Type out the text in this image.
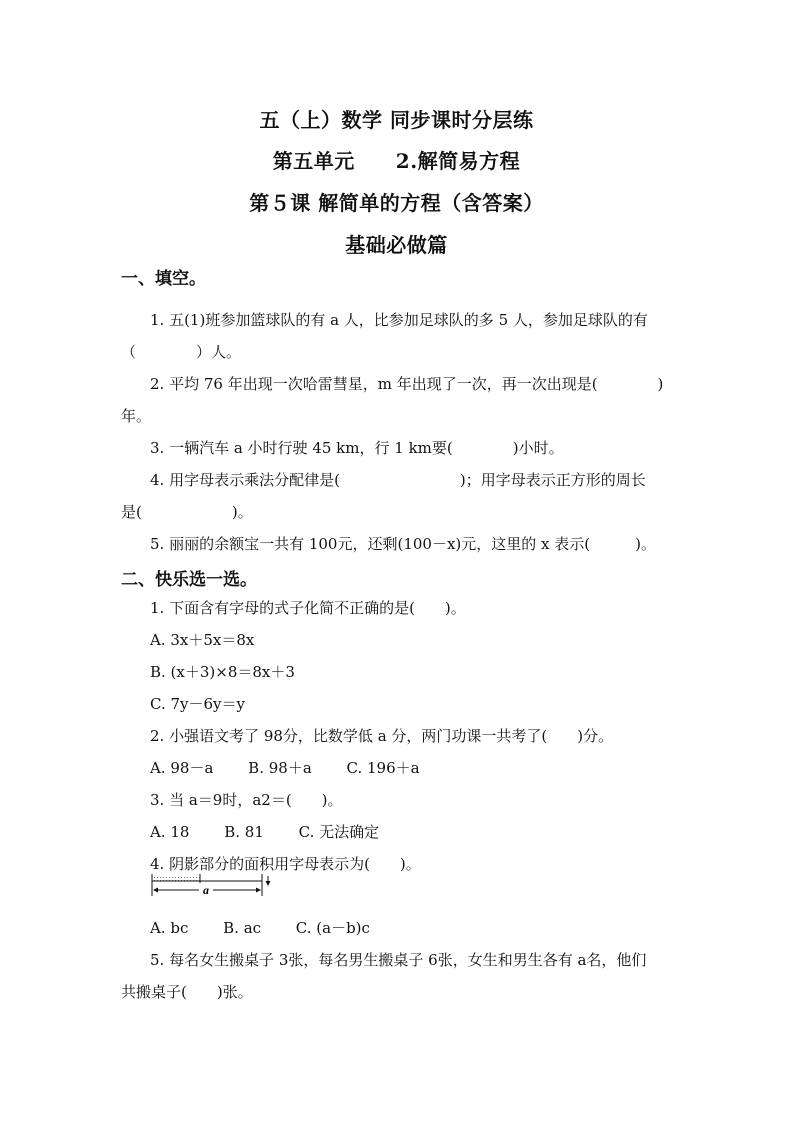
五（上）数学 同步课时分层练
第五单元　　2.解简易方程
第５课 解简单的方程（含答案）
基础必做篇
一、填空。
1. 五(1)班参加篮球队的有 a 人，比参加足球队的多 5 人，参加足球队的有
（　　　　）人。
2. 平均 76 年出现一次哈雷彗星，m 年出现了一次，再一次出现是(　　　　)
年。
3. 一辆汽车 a 小时行驶 45 km，行 1 km要(　　　　)小时。
4. 用字母表示乘法分配律是(　　　　　　　　)；用字母表示正方形的周长
是(　　　　　　)。
5. 丽丽的余额宝一共有 100元，还剩(100－x)元，这里的 x 表示(　　　)。
二、快乐选一选。
1. 下面含有字母的式子化简不正确的是(　　)。
A. 3x＋5x＝8x
B. (x＋3)×8＝8x＋3
C. 7y－6y＝y
2. 小强语文考了 98分，比数学低 a 分，两门功课一共考了(　　)分。
A. 98－a　　 B. 98＋a　　 C. 196＋a
3. 当 a＝9时，a2＝(　　)。
A. 18　　 B. 81　　 C. 无法确定
4. 阴影部分的面积用字母表示为(　　)。
a
A. bc　　 B. ac　　 C. (a－b)c
5. 每名女生搬桌子 3张，每名男生搬桌子 6张，女生和男生各有 a名，他们
共搬桌子(　　)张。
